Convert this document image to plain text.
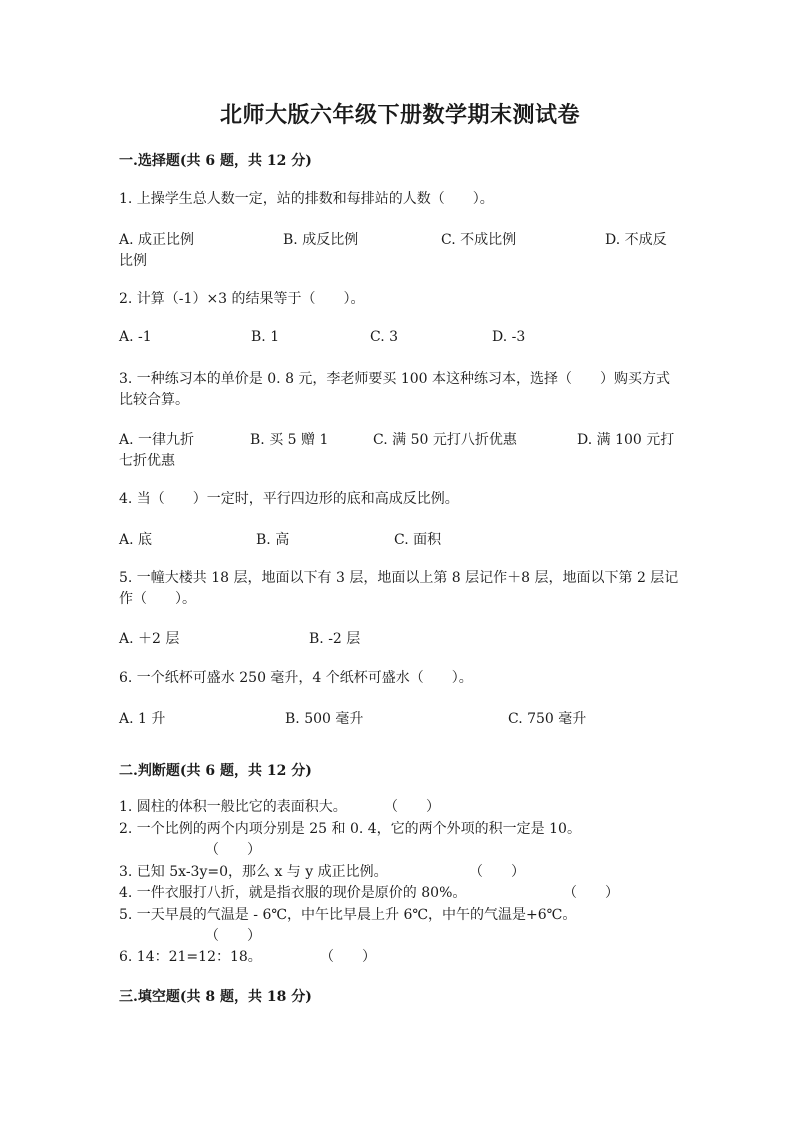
北师大版六年级下册数学期末测试卷
一.选择题(共 6 题，共 12 分)
1. 上操学生总人数一定，站的排数和每排站的人数（　　）。
A. 成正比例	B. 成反比例	C. 不成比例	D. 不成反
比例
2. 计算（-1）×3 的结果等于（　　）。
A. -1	B. 1	C. 3	D. -3
3. 一种练习本的单价是 0. 8 元，李老师要买 100 本这种练习本，选择（　　）购买方式比较合算。
A. 一律九折	B. 买 5 赠 1	C. 满 50 元打八折优惠	D. 满 100 元打
七折优惠
4. 当（　　）一定时，平行四边形的底和高成反比例。
A. 底	B. 高	C. 面积
5. 一幢大楼共 18 层，地面以下有 3 层，地面以上第 8 层记作＋8 层，地面以下第 2 层记作（　　）。
A. ＋2 层	B. -2 层
6. 一个纸杯可盛水 250 毫升，4 个纸杯可盛水（　　）。
A. 1 升	B. 500 毫升	C. 750 毫升
二.判断题(共 6 题，共 12 分)
1. 圆柱的体积一般比它的表面积大。	（　　）
2. 一个比例的两个内项分别是 25 和 0. 4，它的两个外项的积一定是 10。
（　　）
3. 已知 5x-3y=0，那么 x 与 y 成正比例。	（　　）
4. 一件衣服打八折，就是指衣服的现价是原价的 80%。	（　　）
5. 一天早晨的气温是 - 6℃，中午比早晨上升 6℃，中午的气温是+6℃。
（　　）
6. 14：21=12：18。	（　　）
三.填空题(共 8 题，共 18 分)
